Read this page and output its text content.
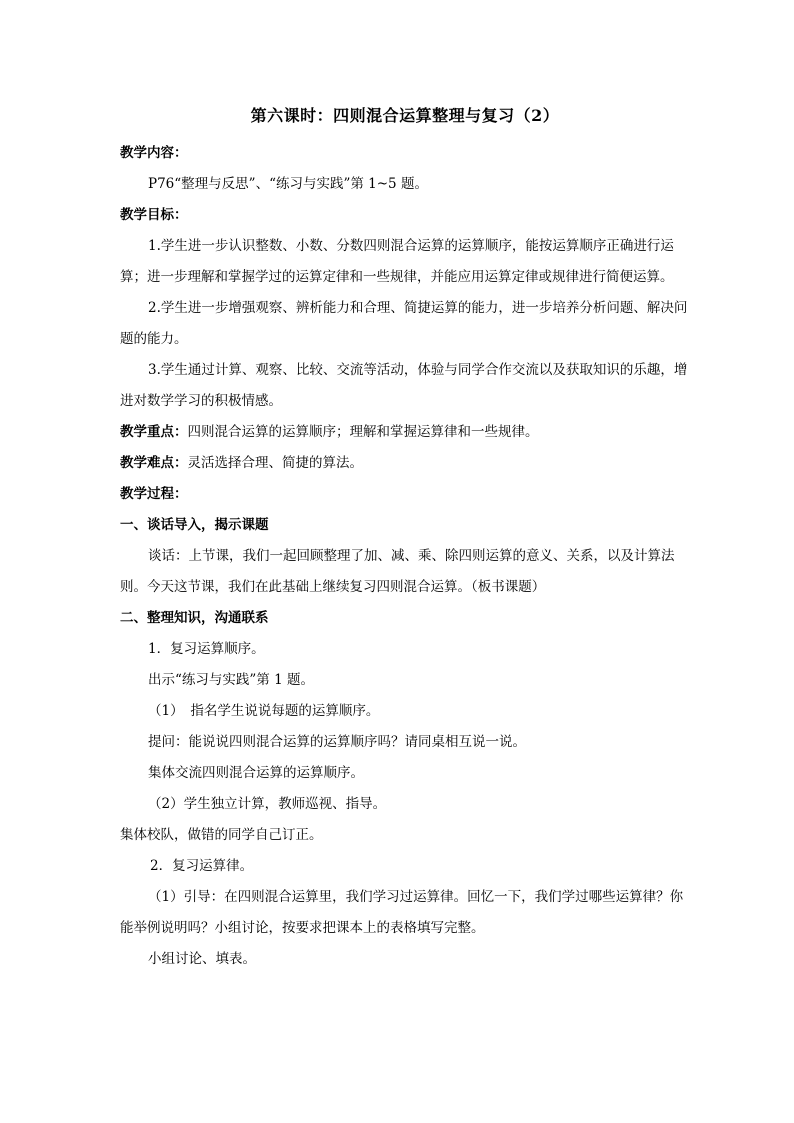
第六课时：四则混合运算整理与复习（2）

教学内容：

P76“整理与反思”、“练习与实践”第 1~5 题。

教学目标：

1.学生进一步认识整数、小数、分数四则混合运算的运算顺序，能按运算顺序正确进行运算；进一步理解和掌握学过的运算定律和一些规律，并能应用运算定律或规律进行简便运算。

2.学生进一步增强观察、辨析能力和合理、简捷运算的能力，进一步培养分析问题、解决问题的能力。

3.学生通过计算、观察、比较、交流等活动，体验与同学合作交流以及获取知识的乐趣，增进对数学学习的积极情感。

教学重点：四则混合运算的运算顺序；理解和掌握运算律和一些规律。

教学难点：灵活选择合理、简捷的算法。

教学过程：

一、谈话导入，揭示课题

谈话：上节课，我们一起回顾整理了加、减、乘、除四则运算的意义、关系，以及计算法则。今天这节课，我们在此基础上继续复习四则混合运算。（板书课题）

二、整理知识，沟通联系

1．复习运算顺序。

出示“练习与实践”第 1 题。

（1）　指名学生说说每题的运算顺序。

提问：能说说四则混合运算的运算顺序吗？请同桌相互说一说。

集体交流四则混合运算的运算顺序。

（2）学生独立计算，教师巡视、指导。

集体校队，做错的同学自己订正。

2．复习运算律。

（1）引导：在四则混合运算里，我们学习过运算律。回忆一下，我们学过哪些运算律？你能举例说明吗？小组讨论，按要求把课本上的表格填写完整。

小组讨论、填表。
